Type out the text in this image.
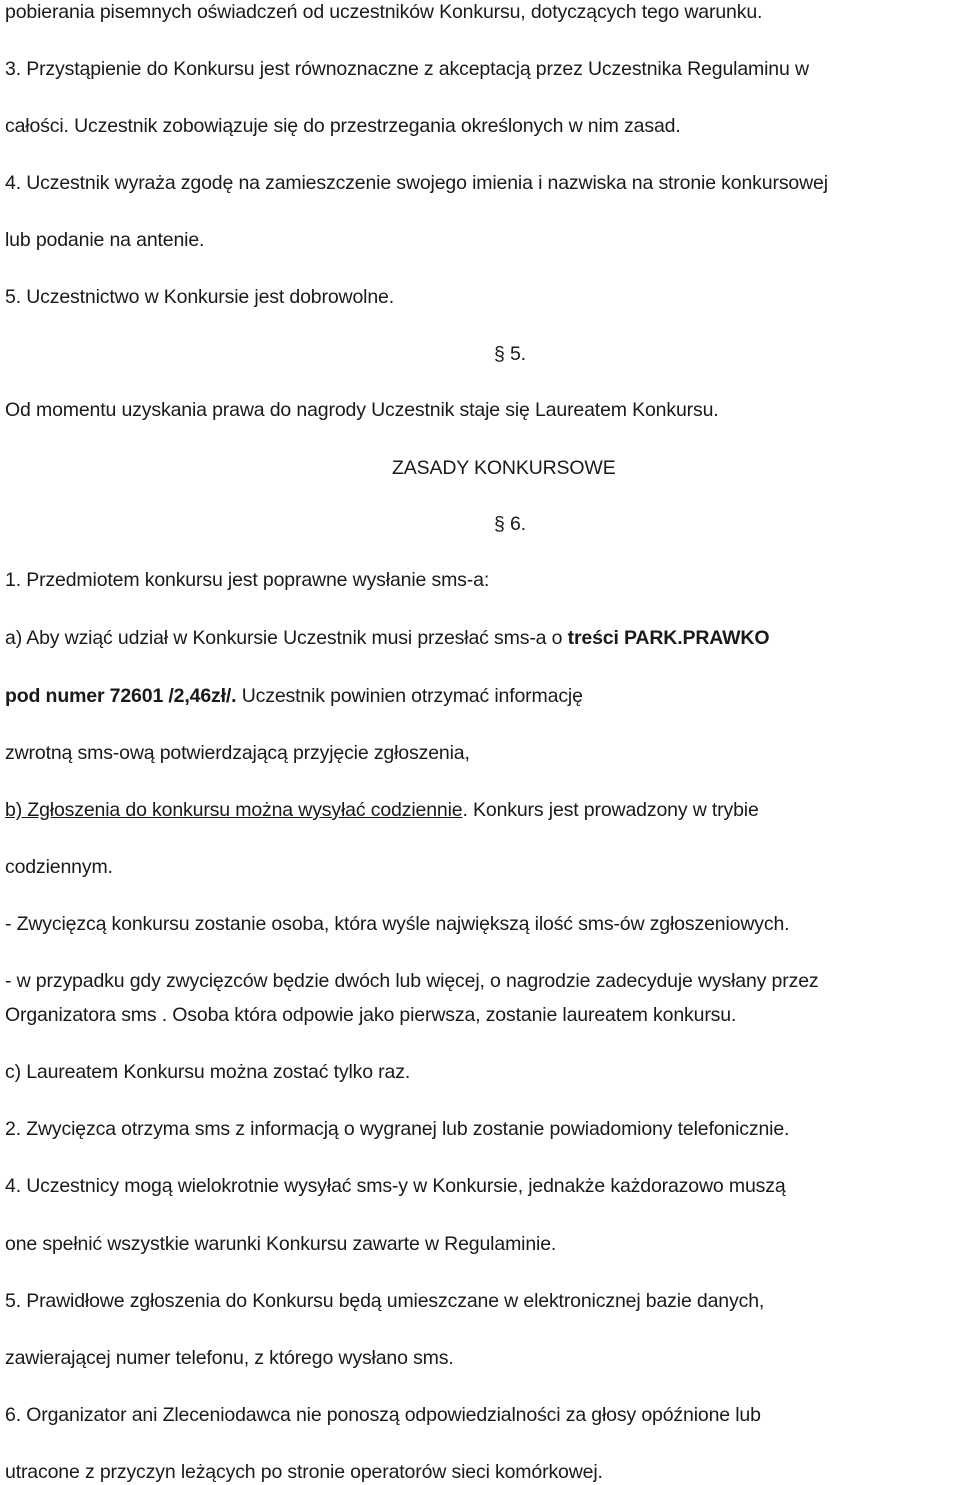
pobierania pisemnych oświadczeń od uczestników Konkursu, dotyczących tego warunku.
3. Przystąpienie do Konkursu jest równoznaczne z akceptacją przez Uczestnika Regulaminu w
całości. Uczestnik zobowiązuje się do przestrzegania określonych w nim zasad.
4. Uczestnik wyraża zgodę na zamieszczenie swojego imienia i nazwiska na stronie konkursowej
lub podanie na antenie.
5. Uczestnictwo w Konkursie jest dobrowolne.
§ 5.
Od momentu uzyskania prawa do nagrody Uczestnik staje się Laureatem Konkursu.
ZASADY KONKURSOWE
§ 6.
1. Przedmiotem konkursu jest poprawne wysłanie sms-a:
a) Aby wziąć udział w Konkursie Uczestnik musi przesłać sms-a o treści PARK.PRAWKO
pod numer 72601 /2,46zł/. Uczestnik powinien otrzymać informację
zwrotną sms-ową potwierdzającą przyjęcie zgłoszenia,
b) Zgłoszenia do konkursu można wysyłać codziennie. Konkurs jest prowadzony w trybie
codziennym.
- Zwycięzcą konkursu zostanie osoba, która wyśle największą ilość sms-ów zgłoszeniowych.
- w przypadku gdy zwycięzców będzie dwóch lub więcej, o nagrodzie zadecyduje wysłany przez
Organizatora sms . Osoba która odpowie jako pierwsza, zostanie laureatem konkursu.
c) Laureatem Konkursu można zostać tylko raz.
2. Zwycięzca otrzyma sms z informacją o wygranej lub zostanie powiadomiony telefonicznie.
4. Uczestnicy mogą wielokrotnie wysyłać sms-y w Konkursie, jednakże każdorazowo muszą
one spełnić wszystkie warunki Konkursu zawarte w Regulaminie.
5. Prawidłowe zgłoszenia do Konkursu będą umieszczane w elektronicznej bazie danych,
zawierającej numer telefonu, z którego wysłano sms.
6. Organizator ani Zleceniodawca nie ponoszą odpowiedzialności za głosy opóźnione lub
utracone z przyczyn leżących po stronie operatorów sieci komórkowej.
